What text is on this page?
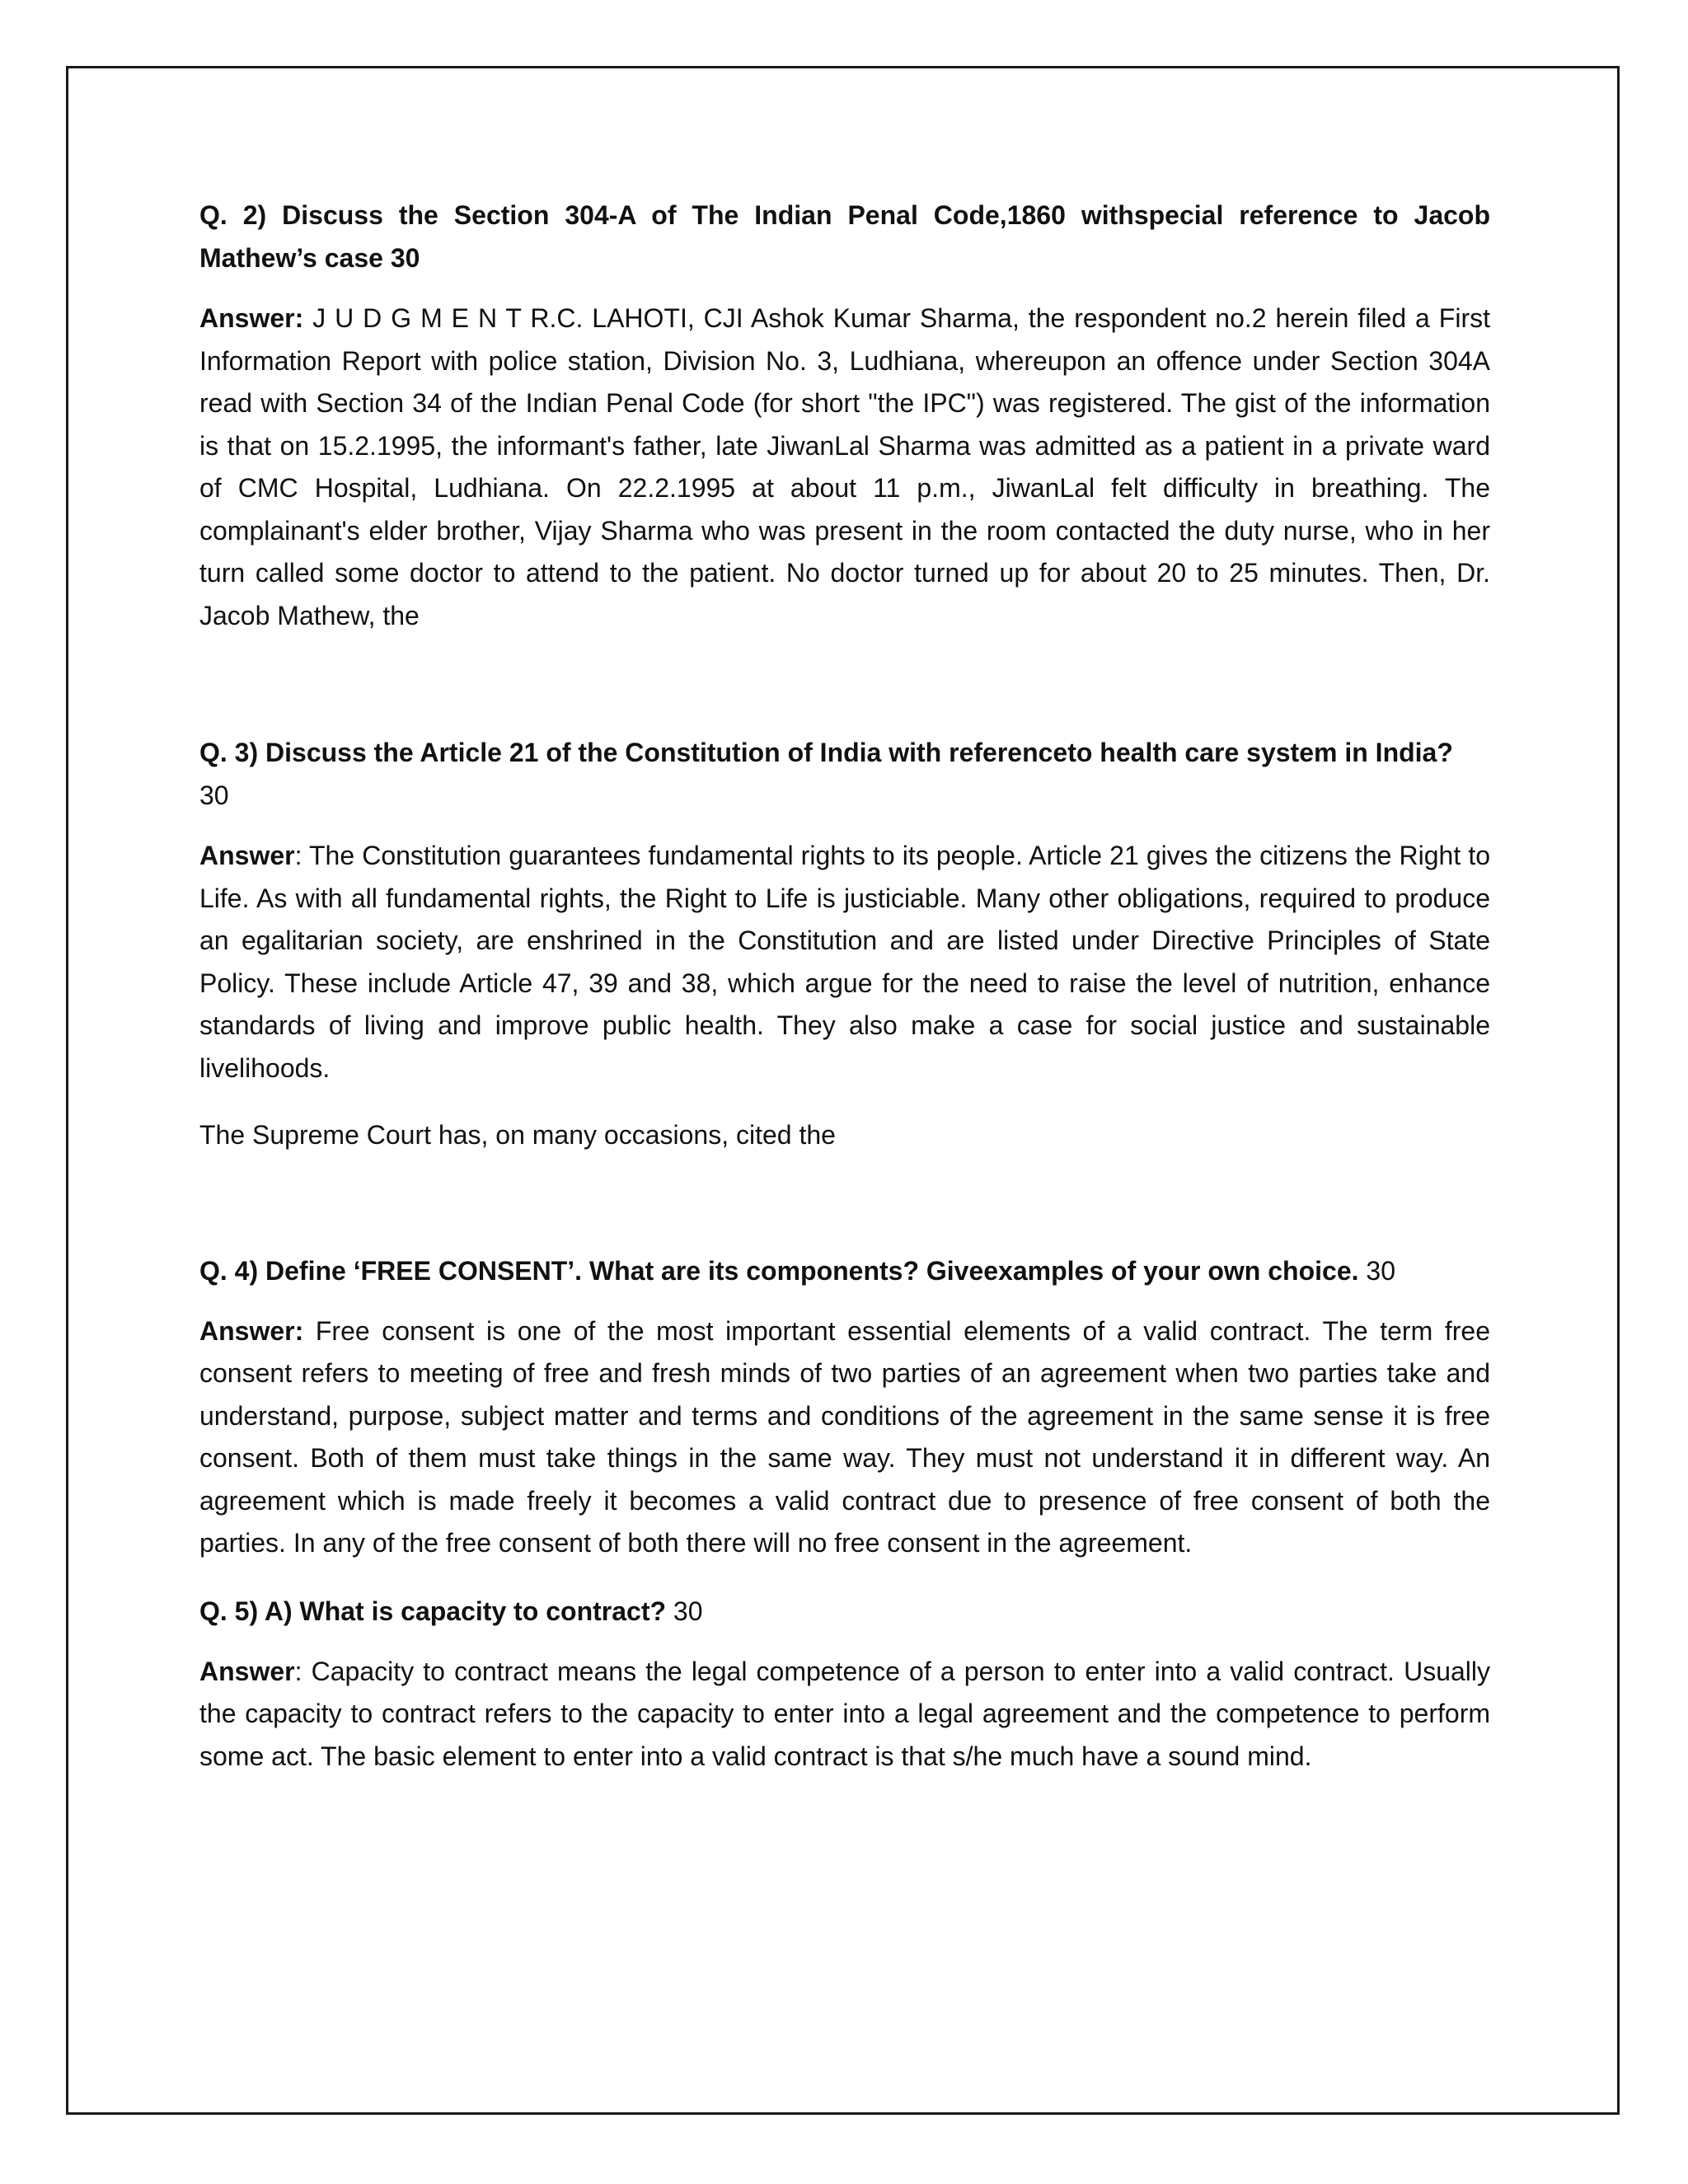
Q. 2) Discuss the Section 304-A of The Indian Penal Code,1860 withspecial reference to Jacob Mathew’s case 30

Answer: J U D G M E N T R.C. LAHOTI, CJI Ashok Kumar Sharma, the respondent no.2 herein filed a First Information Report with police station, Division No. 3, Ludhiana, whereupon an offence under Section 304A read with Section 34 of the Indian Penal Code (for short "the IPC") was registered. The gist of the information is that on 15.2.1995, the informant's father, late JiwanLal Sharma was admitted as a patient in a private ward of CMC Hospital, Ludhiana. On 22.2.1995 at about 11 p.m., JiwanLal felt difficulty in breathing. The complainant's elder brother, Vijay Sharma who was present in the room contacted the duty nurse, who in her turn called some doctor to attend to the patient. No doctor turned up for about 20 to 25 minutes. Then, Dr. Jacob Mathew, the

Q. 3) Discuss the Article 21 of the Constitution of India with referenceto health care system in India?
30

Answer: The Constitution guarantees fundamental rights to its people. Article 21 gives the citizens the Right to Life. As with all fundamental rights, the Right to Life is justiciable. Many other obligations, required to produce an egalitarian society, are enshrined in the Constitution and are listed under Directive Principles of State Policy. These include Article 47, 39 and 38, which argue for the need to raise the level of nutrition, enhance standards of living and improve public health. They also make a case for social justice and sustainable livelihoods.

The Supreme Court has, on many occasions, cited the

Q. 4) Define ‘FREE CONSENT’. What are its components? Giveexamples of your own choice. 30

Answer: Free consent is one of the most important essential elements of a valid contract. The term free consent refers to meeting of free and fresh minds of two parties of an agreement when two parties take and understand, purpose, subject matter and terms and conditions of the agreement in the same sense it is free consent. Both of them must take things in the same way. They must not understand it in different way. An agreement which is made freely it becomes a valid contract due to presence of free consent of both the parties. In any of the free consent of both there will no free consent in the agreement.

Q. 5) A) What is capacity to contract? 30

Answer: Capacity to contract means the legal competence of a person to enter into a valid contract. Usually the capacity to contract refers to the capacity to enter into a legal agreement and the competence to perform some act. The basic element to enter into a valid contract is that s/he much have a sound mind.
